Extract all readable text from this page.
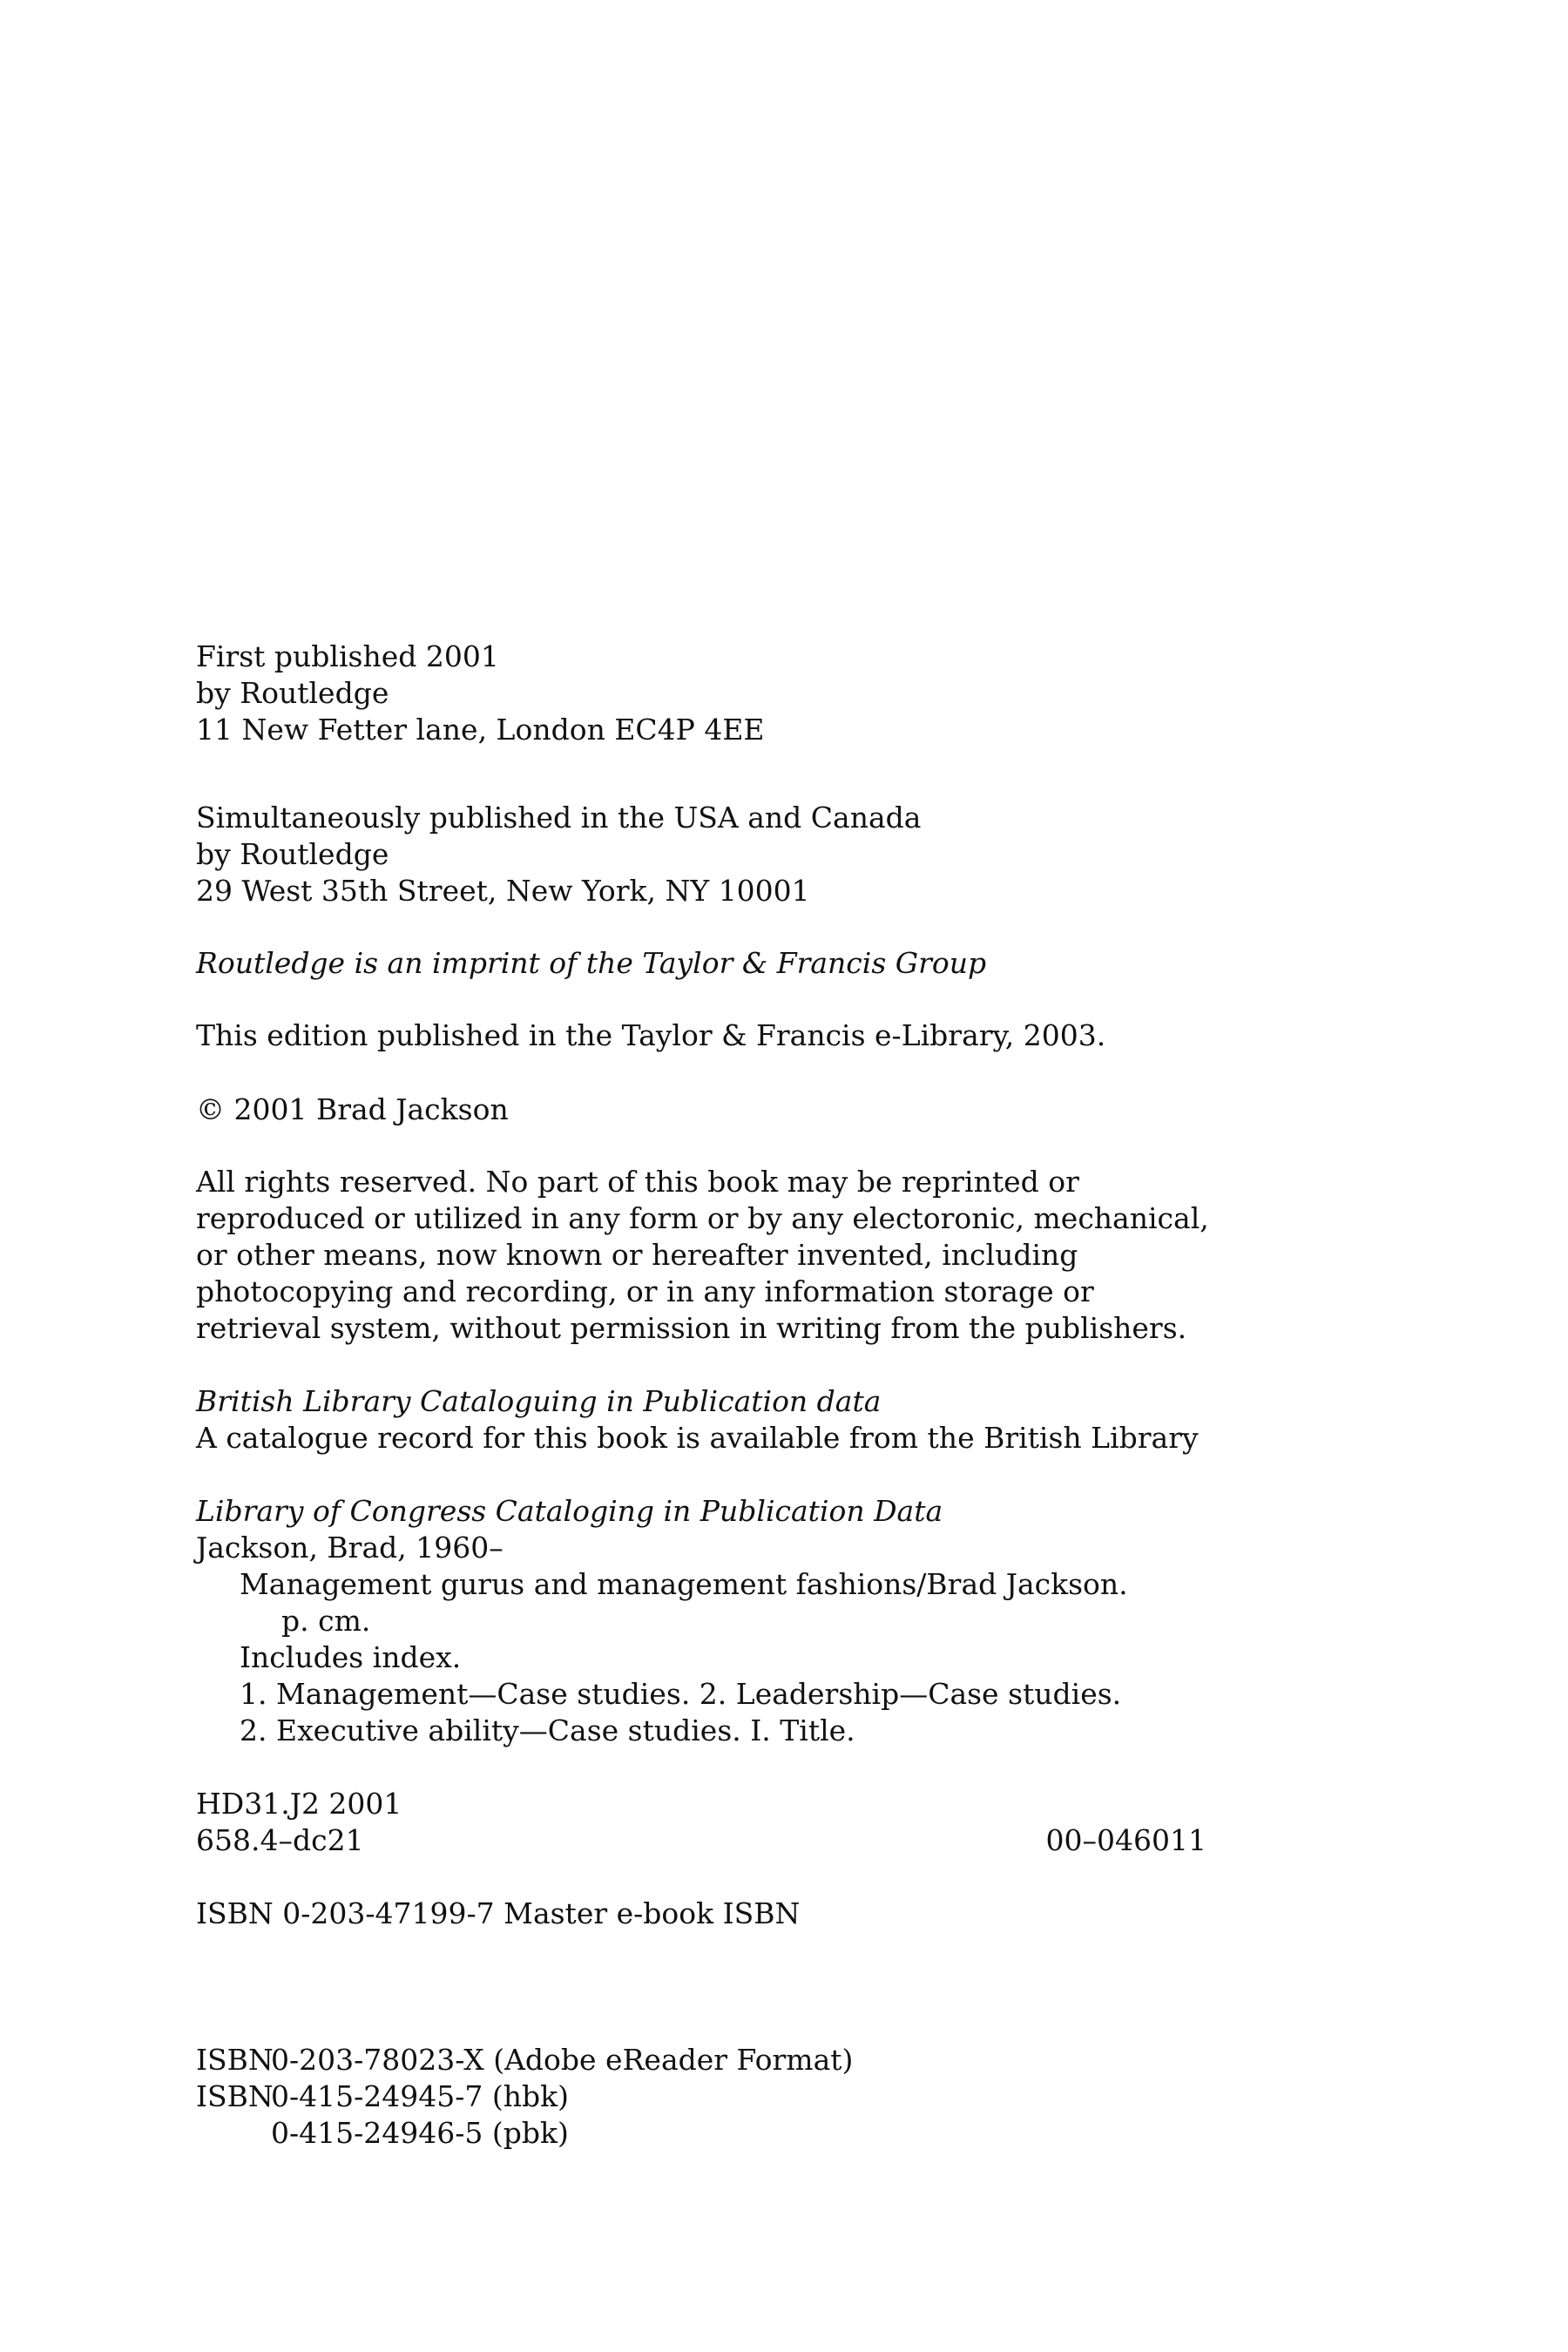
First published 2001
by Routledge
11 New Fetter lane, London EC4P 4EE
Simultaneously published in the USA and Canada
by Routledge
29 West 35th Street, New York, NY 10001
Routledge is an imprint of the Taylor & Francis Group
This edition published in the Taylor & Francis e-Library, 2003.
© 2001 Brad Jackson
All rights reserved. No part of this book may be reprinted or
reproduced or utilized in any form or by any electoronic, mechanical,
or other means, now known or hereafter invented, including
photocopying and recording, or in any information storage or
retrieval system, without permission in writing from the publishers.
British Library Cataloguing in Publication data
A catalogue record for this book is available from the British Library
Library of Congress Cataloging in Publication Data
Jackson, Brad, 1960–
Management gurus and management fashions/Brad Jackson.
p. cm.
Includes index.
1. Management—Case studies. 2. Leadership—Case studies.
2. Executive ability—Case studies. I. Title.
HD31.J2 2001
658.4–dc21	00–046011
ISBN 0-203-47199-7 Master e-book ISBN
ISBN
0-203-78023-X (Adobe eReader Format)
ISBN
0-415-24945-7 (hbk)
0-415-24946-5 (pbk)
